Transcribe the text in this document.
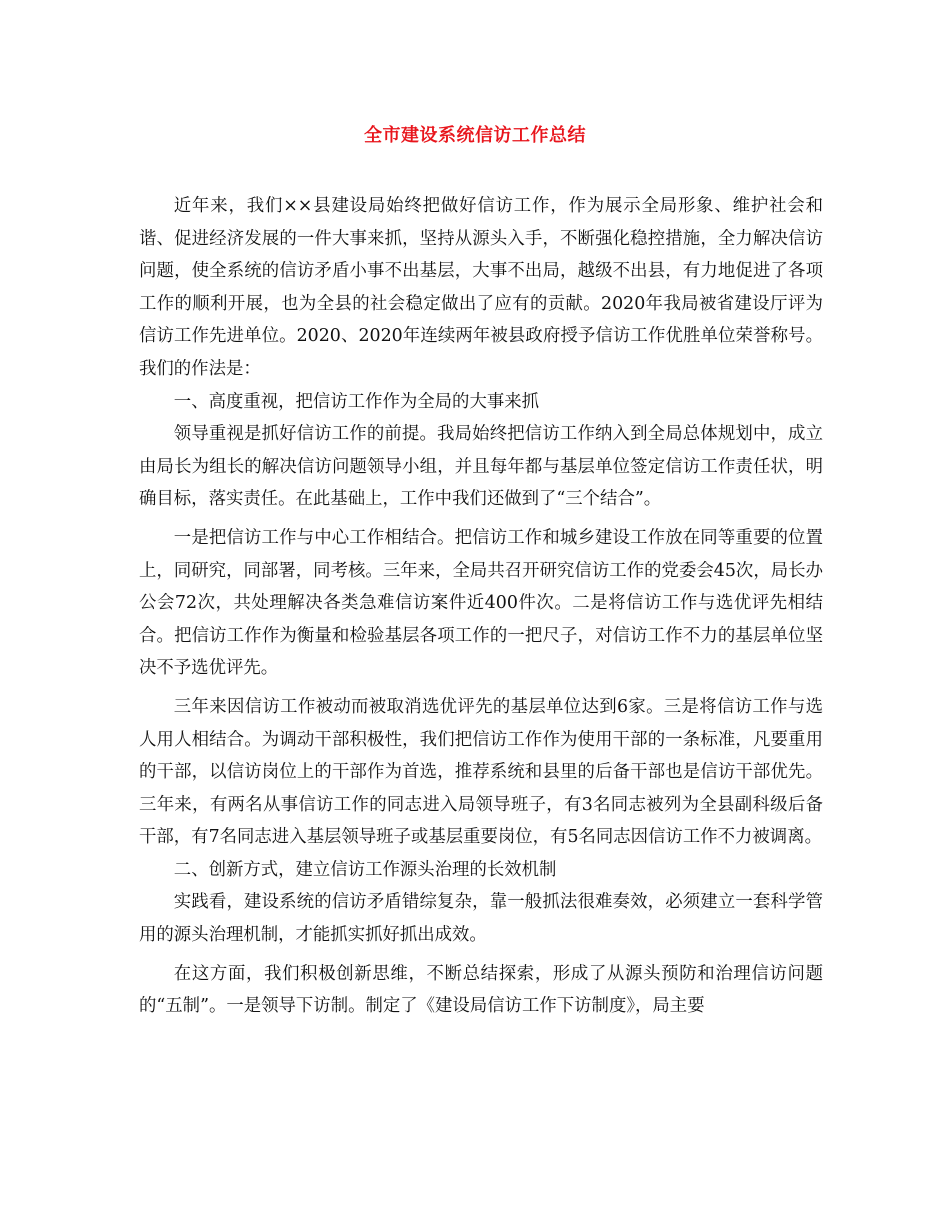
全市建设系统信访工作总结

近年来，我们××县建设局始终把做好信访工作，作为展示全局形象、维护社会和谐、促进经济发展的一件大事来抓，坚持从源头入手，不断强化稳控措施，全力解决信访问题，使全系统的信访矛盾小事不出基层，大事不出局，越级不出县，有力地促进了各项工作的顺利开展，也为全县的社会稳定做出了应有的贡献。2020年我局被省建设厅评为信访工作先进单位。2020、2020年连续两年被县政府授予信访工作优胜单位荣誉称号。我们的作法是：

一、高度重视，把信访工作作为全局的大事来抓

领导重视是抓好信访工作的前提。我局始终把信访工作纳入到全局总体规划中，成立由局长为组长的解决信访问题领导小组，并且每年都与基层单位签定信访工作责任状，明确目标，落实责任。在此基础上，工作中我们还做到了“三个结合”。

一是把信访工作与中心工作相结合。把信访工作和城乡建设工作放在同等重要的位置上，同研究，同部署，同考核。三年来，全局共召开研究信访工作的党委会45次，局长办公会72次，共处理解决各类急难信访案件近400件次。二是将信访工作与选优评先相结合。把信访工作作为衡量和检验基层各项工作的一把尺子，对信访工作不力的基层单位坚决不予选优评先。

三年来因信访工作被动而被取消选优评先的基层单位达到6家。三是将信访工作与选人用人相结合。为调动干部积极性，我们把信访工作作为使用干部的一条标准，凡要重用的干部，以信访岗位上的干部作为首选，推荐系统和县里的后备干部也是信访干部优先。三年来，有两名从事信访工作的同志进入局领导班子，有3名同志被列为全县副科级后备干部，有7名同志进入基层领导班子或基层重要岗位，有5名同志因信访工作不力被调离。

二、创新方式，建立信访工作源头治理的长效机制

实践看，建设系统的信访矛盾错综复杂，靠一般抓法很难奏效，必须建立一套科学管用的源头治理机制，才能抓实抓好抓出成效。

在这方面，我们积极创新思维，不断总结探索，形成了从源头预防和治理信访问题的“五制”。一是领导下访制。制定了《建设局信访工作下访制度》，局主要
